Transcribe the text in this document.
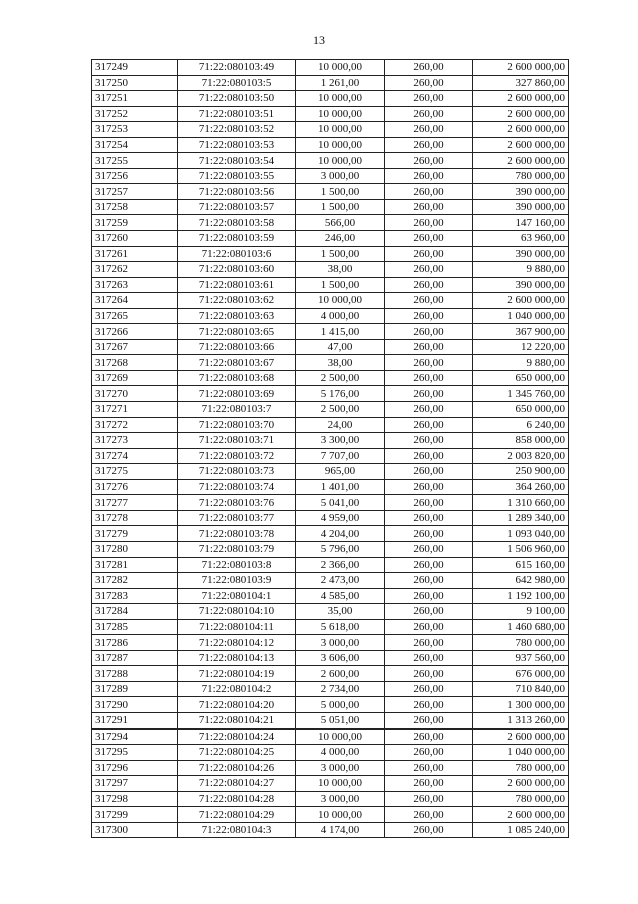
13
317249	71:22:080103:49	10 000,00	260,00	2 600 000,00
317250	71:22:080103:5	1 261,00	260,00	327 860,00
317251	71:22:080103:50	10 000,00	260,00	2 600 000,00
317252	71:22:080103:51	10 000,00	260,00	2 600 000,00
317253	71:22:080103:52	10 000,00	260,00	2 600 000,00
317254	71:22:080103:53	10 000,00	260,00	2 600 000,00
317255	71:22:080103:54	10 000,00	260,00	2 600 000,00
317256	71:22:080103:55	3 000,00	260,00	780 000,00
317257	71:22:080103:56	1 500,00	260,00	390 000,00
317258	71:22:080103:57	1 500,00	260,00	390 000,00
317259	71:22:080103:58	566,00	260,00	147 160,00
317260	71:22:080103:59	246,00	260,00	63 960,00
317261	71:22:080103:6	1 500,00	260,00	390 000,00
317262	71:22:080103:60	38,00	260,00	9 880,00
317263	71:22:080103:61	1 500,00	260,00	390 000,00
317264	71:22:080103:62	10 000,00	260,00	2 600 000,00
317265	71:22:080103:63	4 000,00	260,00	1 040 000,00
317266	71:22:080103:65	1 415,00	260,00	367 900,00
317267	71:22:080103:66	47,00	260,00	12 220,00
317268	71:22:080103:67	38,00	260,00	9 880,00
317269	71:22:080103:68	2 500,00	260,00	650 000,00
317270	71:22:080103:69	5 176,00	260,00	1 345 760,00
317271	71:22:080103:7	2 500,00	260,00	650 000,00
317272	71:22:080103:70	24,00	260,00	6 240,00
317273	71:22:080103:71	3 300,00	260,00	858 000,00
317274	71:22:080103:72	7 707,00	260,00	2 003 820,00
317275	71:22:080103:73	965,00	260,00	250 900,00
317276	71:22:080103:74	1 401,00	260,00	364 260,00
317277	71:22:080103:76	5 041,00	260,00	1 310 660,00
317278	71:22:080103:77	4 959,00	260,00	1 289 340,00
317279	71:22:080103:78	4 204,00	260,00	1 093 040,00
317280	71:22:080103:79	5 796,00	260,00	1 506 960,00
317281	71:22:080103:8	2 366,00	260,00	615 160,00
317282	71:22:080103:9	2 473,00	260,00	642 980,00
317283	71:22:080104:1	4 585,00	260,00	1 192 100,00
317284	71:22:080104:10	35,00	260,00	9 100,00
317285	71:22:080104:11	5 618,00	260,00	1 460 680,00
317286	71:22:080104:12	3 000,00	260,00	780 000,00
317287	71:22:080104:13	3 606,00	260,00	937 560,00
317288	71:22:080104:19	2 600,00	260,00	676 000,00
317289	71:22:080104:2	2 734,00	260,00	710 840,00
317290	71:22:080104:20	5 000,00	260,00	1 300 000,00
317291	71:22:080104:21	5 051,00	260,00	1 313 260,00
317294	71:22:080104:24	10 000,00	260,00	2 600 000,00
317295	71:22:080104:25	4 000,00	260,00	1 040 000,00
317296	71:22:080104:26	3 000,00	260,00	780 000,00
317297	71:22:080104:27	10 000,00	260,00	2 600 000,00
317298	71:22:080104:28	3 000,00	260,00	780 000,00
317299	71:22:080104:29	10 000,00	260,00	2 600 000,00
317300	71:22:080104:3	4 174,00	260,00	1 085 240,00
